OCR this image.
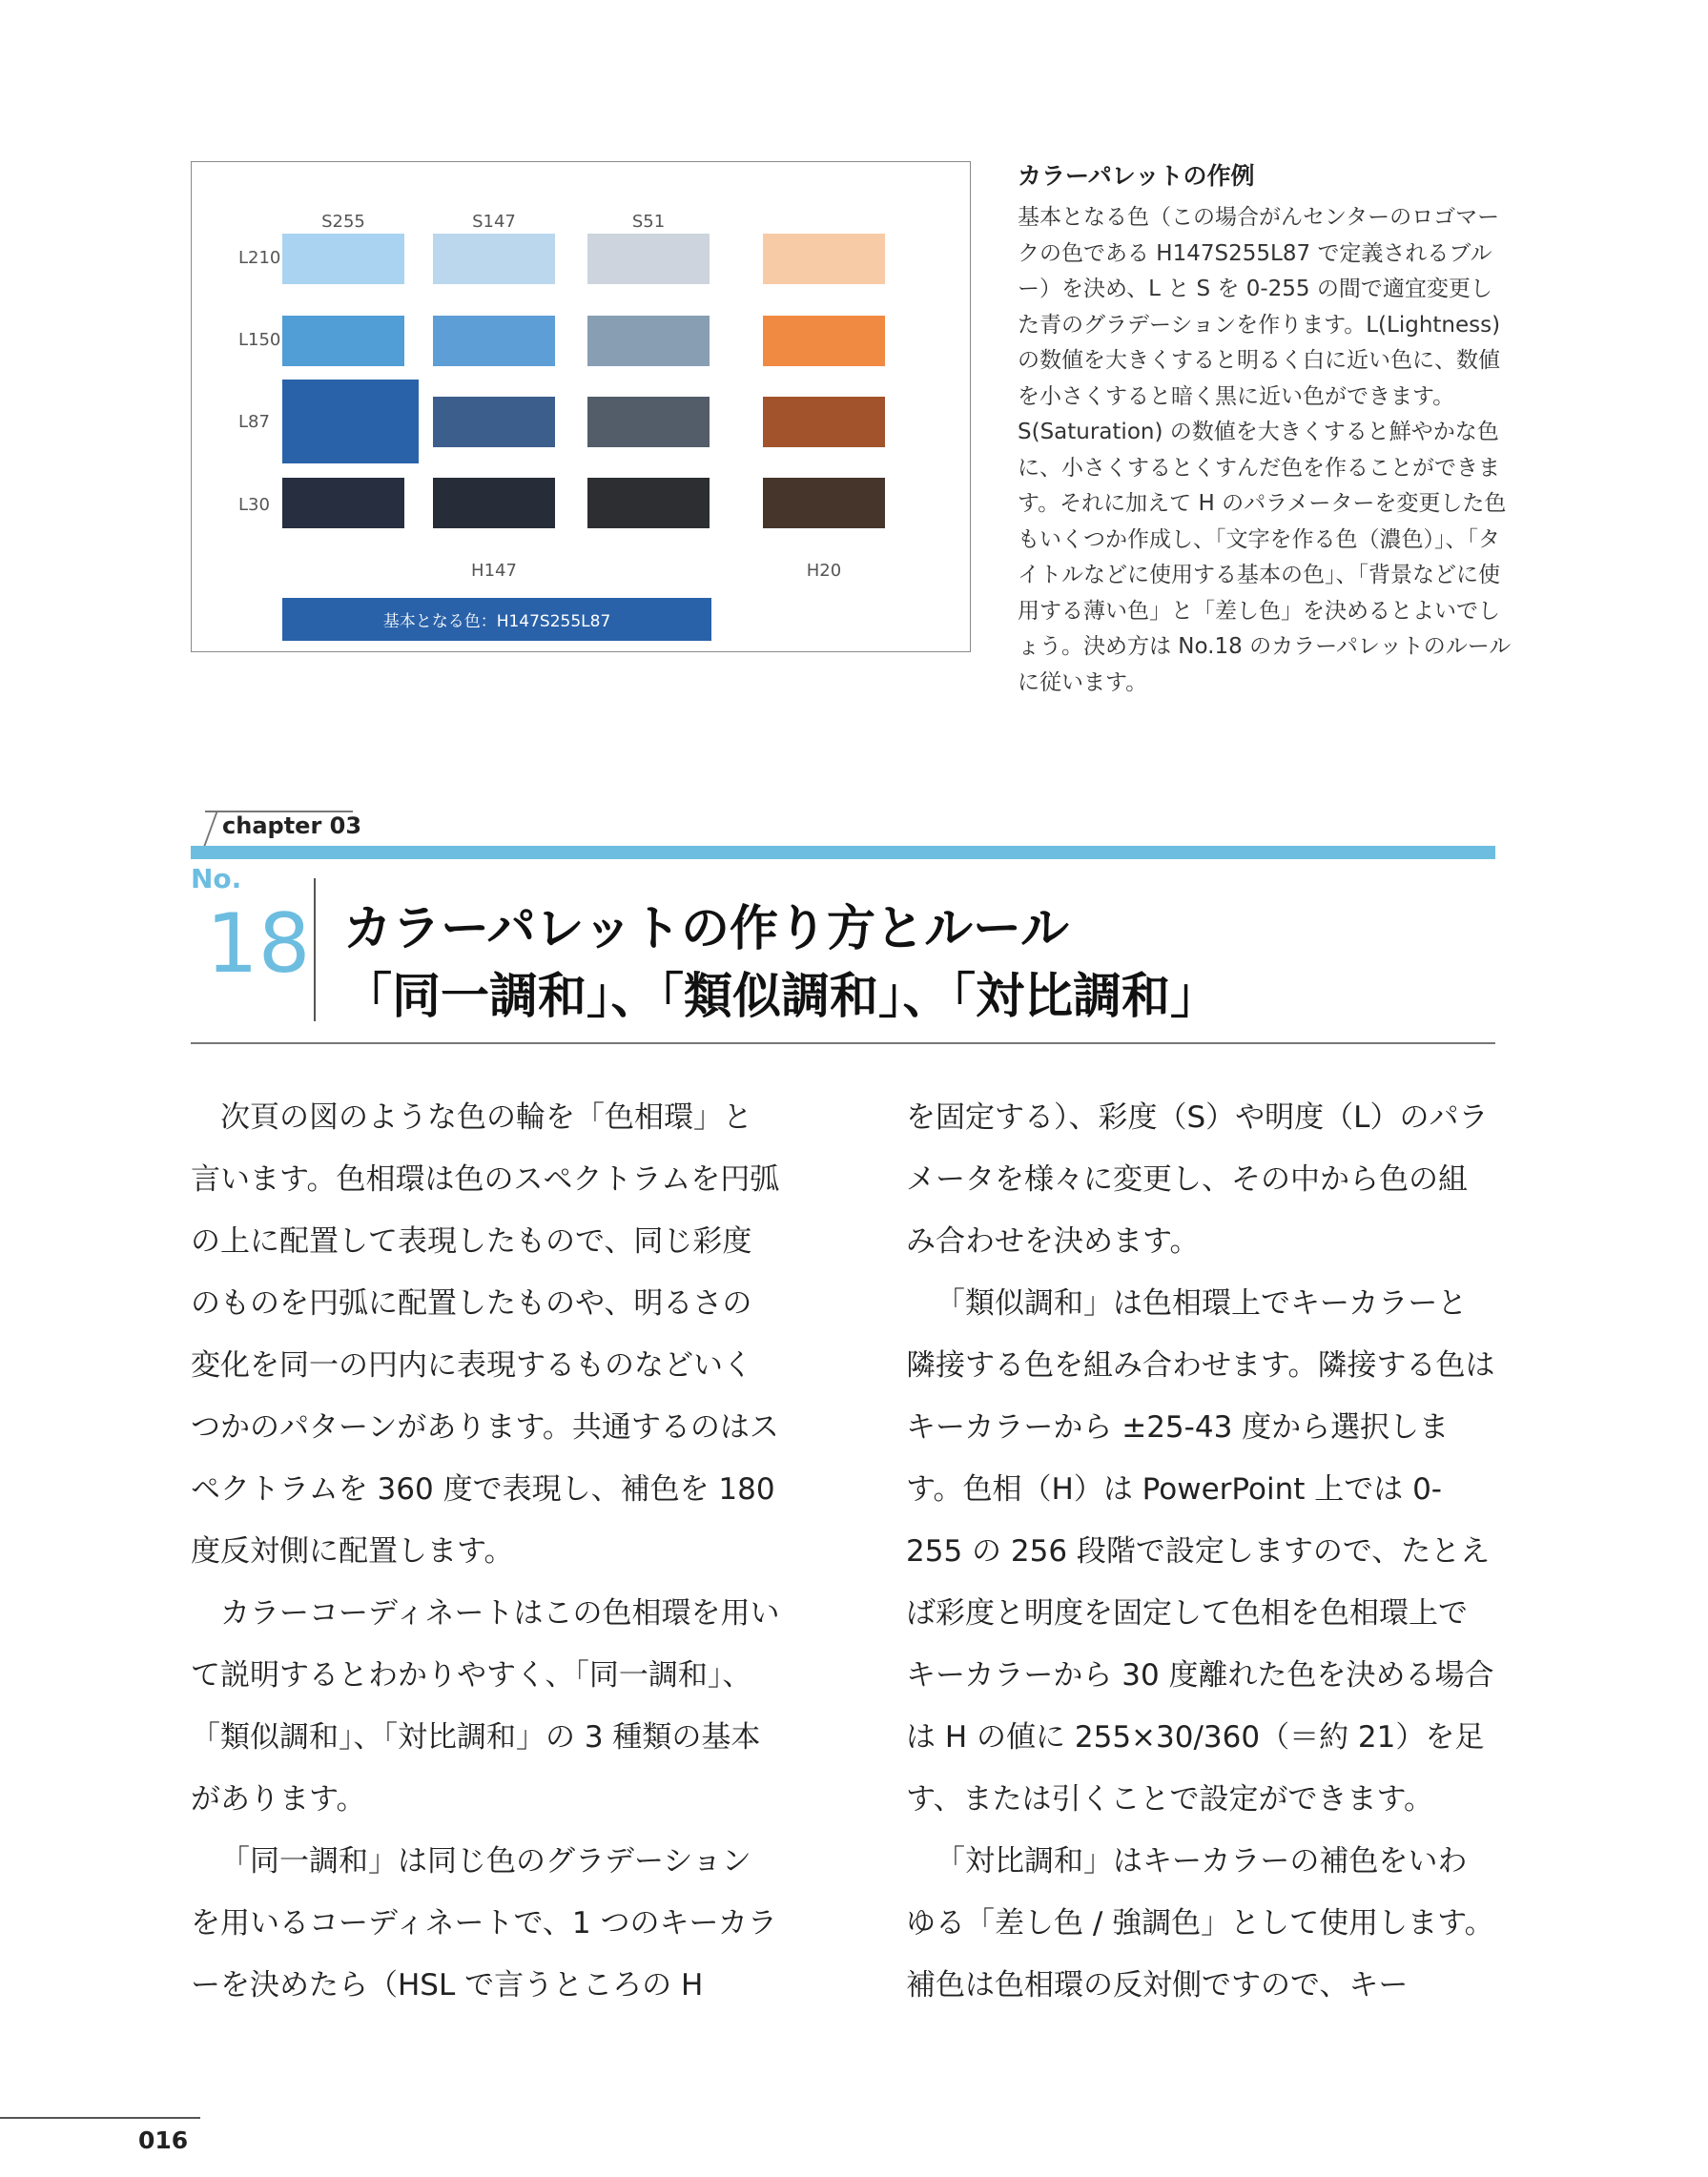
S255	S147	S51
L210
L150
L87
L30
H147	H20
基本となる色：H147S255L87
カラーパレットの作例

基本となる色（この場合がんセンターのロゴマークの色である H147S255L87 で定義されるブルー）を決め、L と S を 0-255 の間で適宜変更した青のグラデーションを作ります。L(Lightness) の数値を大きくすると明るく白に近い色に、数値を小さくすると暗く黒に近い色ができます。S(Saturation) の数値を大きくすると鮮やかな色に、小さくするとくすんだ色を作ることができます。それに加えて H のパラメーターを変更した色もいくつか作成し、「文字を作る色（濃色）」、「タイトルなどに使用する基本の色」、「背景などに使用する薄い色」と「差し色」を決めるとよいでしょう。決め方は No.18 のカラーパレットのルールに従います。

chapter 03
No.
18 カラーパレットの作り方とルール
「同一調和」、「類似調和」、「対比調和」

次頁の図のような色の輪を「色相環」と言います。色相環は色のスペクトラムを円弧の上に配置して表現したもので、同じ彩度のものを円弧に配置したものや、明るさの変化を同一の円内に表現するものなどいくつかのパターンがあります。共通するのはスペクトラムを 360 度で表現し、補色を 180 度反対側に配置します。

カラーコーディネートはこの色相環を用いて説明するとわかりやすく、「同一調和」、「類似調和」、「対比調和」の 3 種類の基本があります。

「同一調和」は同じ色のグラデーションを用いるコーディネートで、1 つのキーカラーを決めたら（HSL で言うところの H

を固定する）、彩度（S）や明度（L）のパラメータを様々に変更し、その中から色の組み合わせを決めます。

「類似調和」は色相環上でキーカラーと隣接する色を組み合わせます。隣接する色はキーカラーから ±25-43 度から選択します。色相（H）は PowerPoint 上では 0-255 の 256 段階で設定しますので、たとえば彩度と明度を固定して色相を色相環上でキーカラーから 30 度離れた色を決める場合は H の値に 255×30/360（＝約 21）を足す、または引くことで設定ができます。

「対比調和」はキーカラーの補色をいわゆる「差し色 / 強調色」として使用します。補色は色相環の反対側ですので、キー

016
